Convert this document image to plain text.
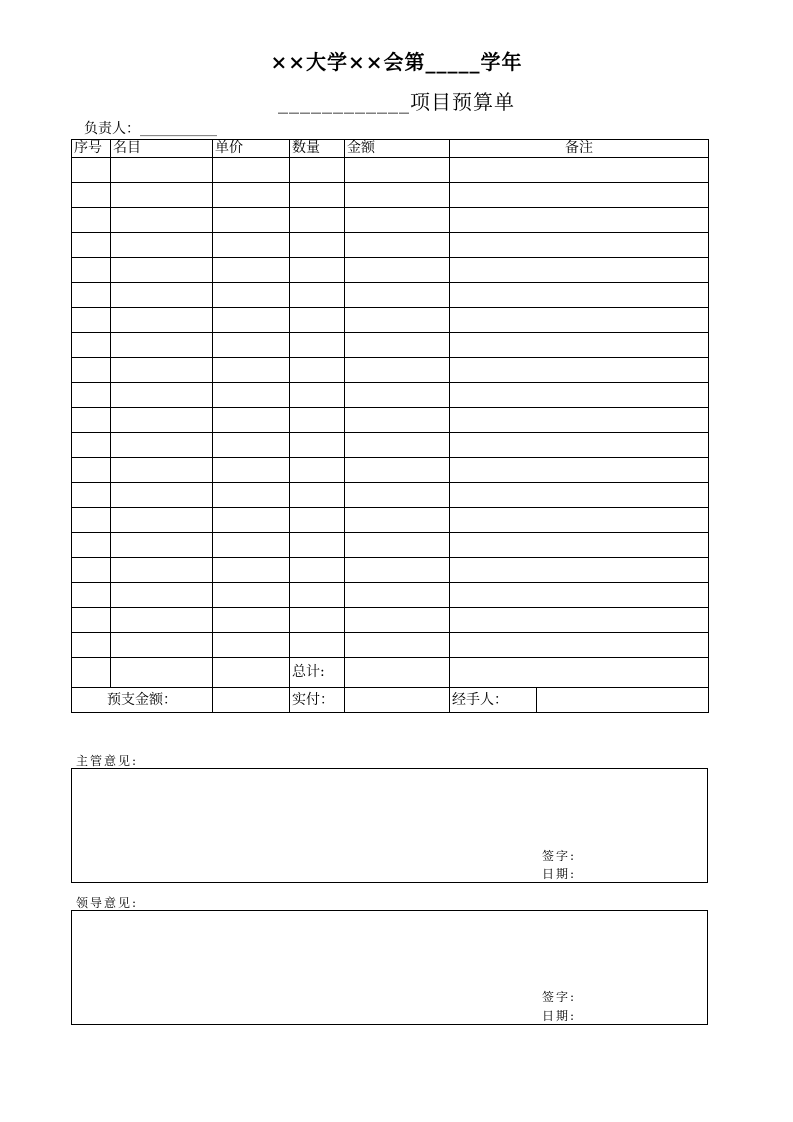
××大学××会第_____学年
____________项目预算单
负责人：___________
序号	名目	单价	数量	金额	备注	

			总计:			
预支金额：			实付：		经手人：	
主管意见:
签字:
日期:
领导意见:
签字:
日期:
